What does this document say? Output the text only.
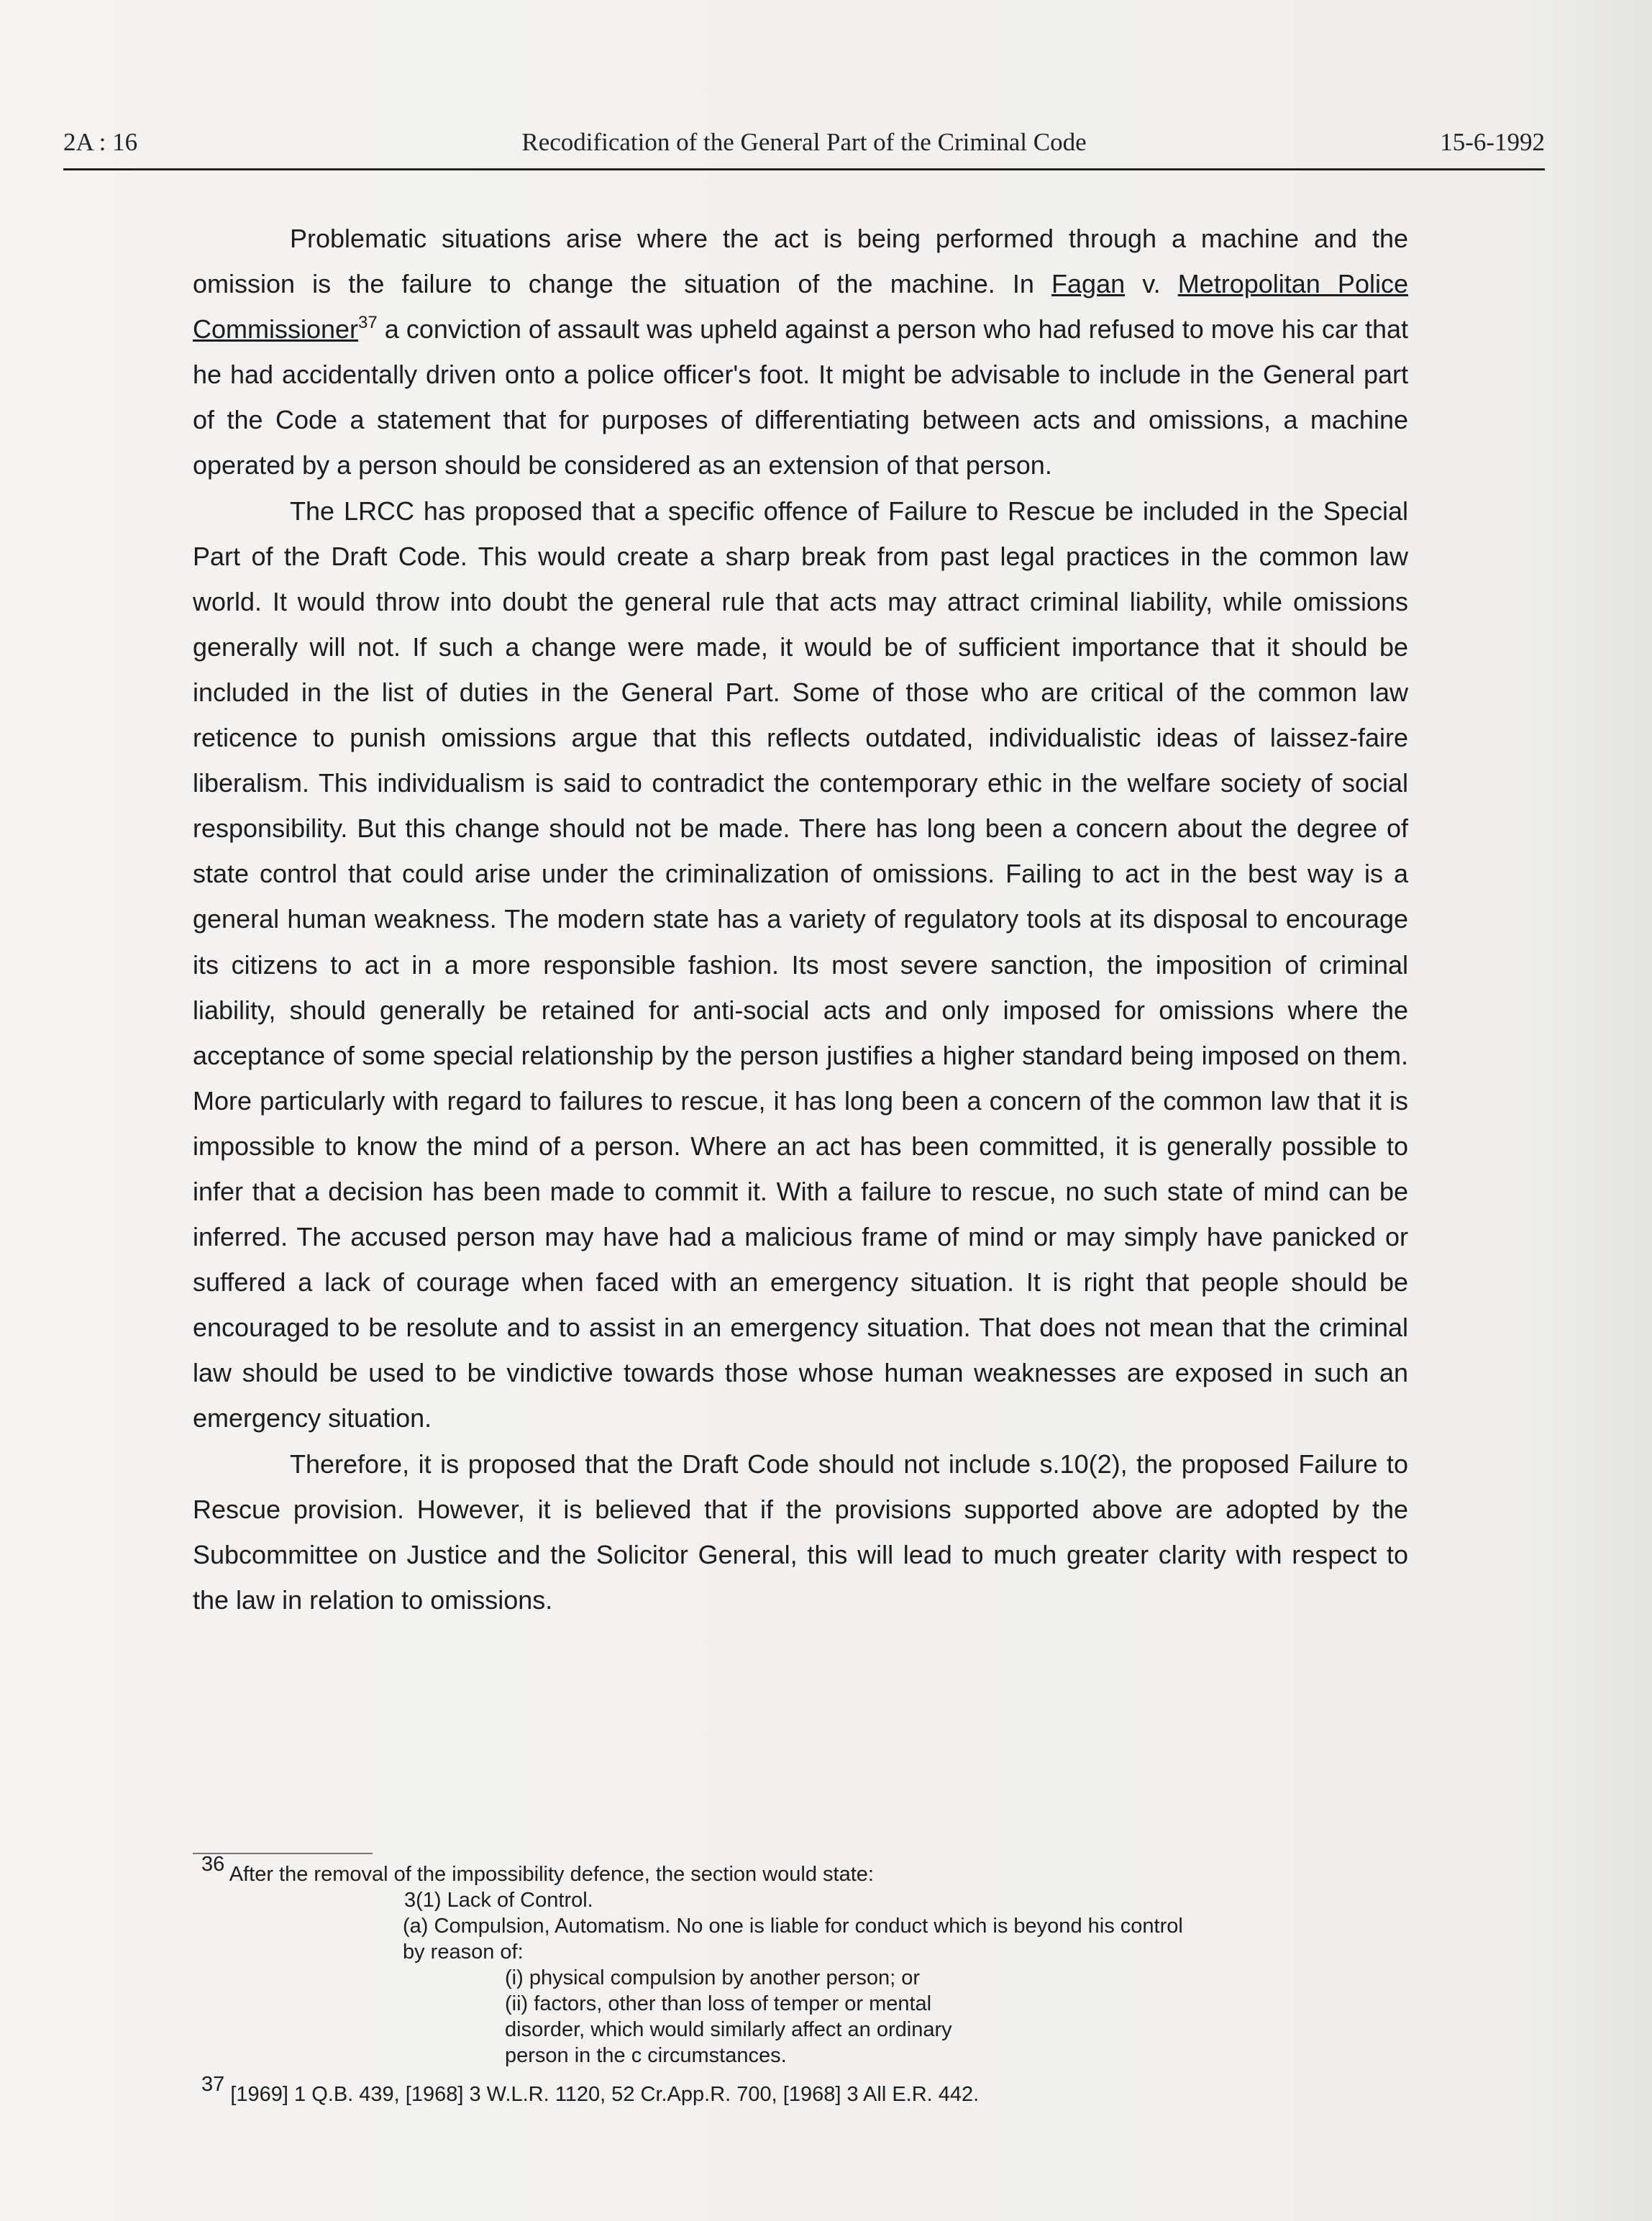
2A : 16	Recodification of the General Part of the Criminal Code	15-6-1992

Problematic situations arise where the act is being performed through a machine and the omission is the failure to change the situation of the machine. In Fagan v. Metropolitan Police Commissioner$^{37}$ a conviction of assault was upheld against a person who had refused to move his car that he had accidentally driven onto a police officer's foot. It might be advisable to include in the General part of the Code a statement that for purposes of differentiating between acts and omissions, a machine operated by a person should be considered as an extension of that person.

The LRCC has proposed that a specific offence of Failure to Rescue be included in the Special Part of the Draft Code. This would create a sharp break from past legal practices in the common law world. It would throw into doubt the general rule that acts may attract criminal liability, while omissions generally will not. If such a change were made, it would be of sufficient importance that it should be included in the list of duties in the General Part. Some of those who are critical of the common law reticence to punish omissions argue that this reflects outdated, individualistic ideas of laissez-faire liberalism. This individualism is said to contradict the contemporary ethic in the welfare society of social responsibility. But this change should not be made. There has long been a concern about the degree of state control that could arise under the criminalization of omissions. Failing to act in the best way is a general human weakness. The modern state has a variety of regulatory tools at its disposal to encourage its citizens to act in a more responsible fashion. Its most severe sanction, the imposition of criminal liability, should generally be retained for anti-social acts and only imposed for omissions where the acceptance of some special relationship by the person justifies a higher standard being imposed on them. More particularly with regard to failures to rescue, it has long been a concern of the common law that it is impossible to know the mind of a person. Where an act has been committed, it is generally possible to infer that a decision has been made to commit it. With a failure to rescue, no such state of mind can be inferred. The accused person may have had a malicious frame of mind or may simply have panicked or suffered a lack of courage when faced with an emergency situation. It is right that people should be encouraged to be resolute and to assist in an emergency situation. That does not mean that the criminal law should be used to be vindictive towards those whose human weaknesses are exposed in such an emergency situation.

Therefore, it is proposed that the Draft Code should not include s.10(2), the proposed Failure to Rescue provision. However, it is believed that if the provisions supported above are adopted by the Subcommittee on Justice and the Solicitor General, this will lead to much greater clarity with respect to the law in relation to omissions.

$^{36}$ After the removal of the impossibility defence, the section would state:
3(1) Lack of Control.
(a) Compulsion, Automatism. No one is liable for conduct which is beyond his control by reason of:
(i) physical compulsion by another person; or
(ii) factors, other than loss of temper or mental disorder, which would similarly affect an ordinary person in the c circumstances.
$^{37}$ [1969] 1 Q.B. 439, [1968] 3 W.L.R. 1120, 52 Cr.App.R. 700, [1968] 3 All E.R. 442.
